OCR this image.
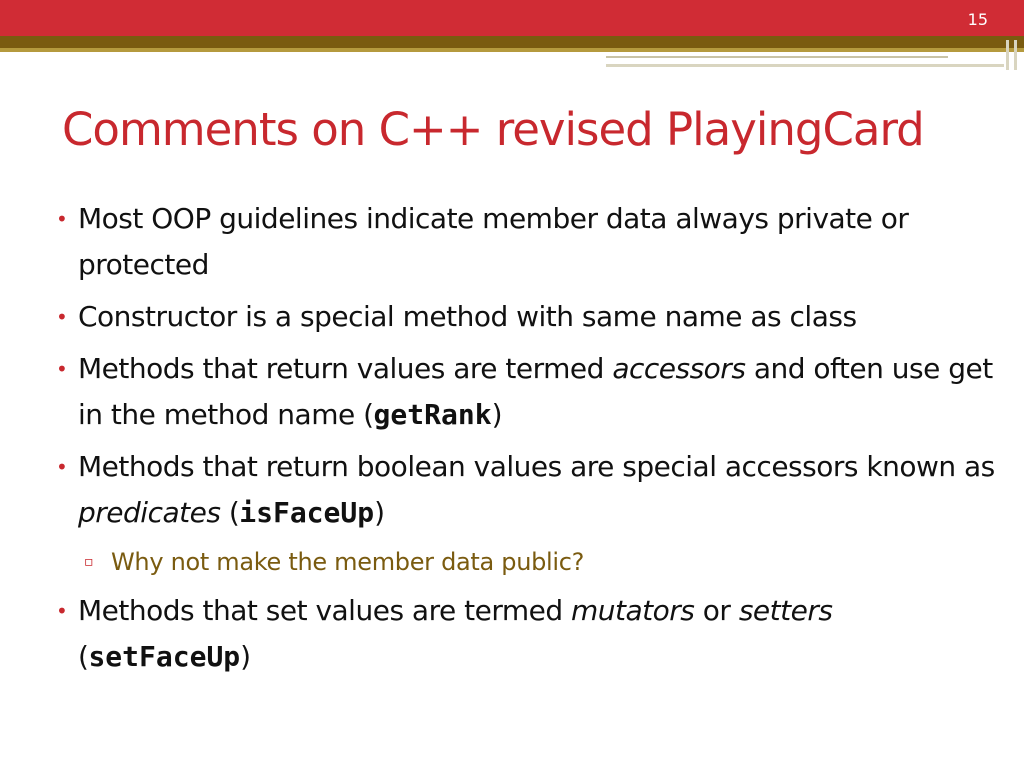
15
Comments on C++ revised PlayingCard
• Most OOP guidelines indicate member data always private or protected
• Constructor is a special method with same name as class
• Methods that return values are termed accessors and often use get in the method name (getRank)
• Methods that return boolean values are special accessors known as predicates (isFaceUp)
▫ Why not make the member data public?
• Methods that set values are termed mutators or setters (setFaceUp)
